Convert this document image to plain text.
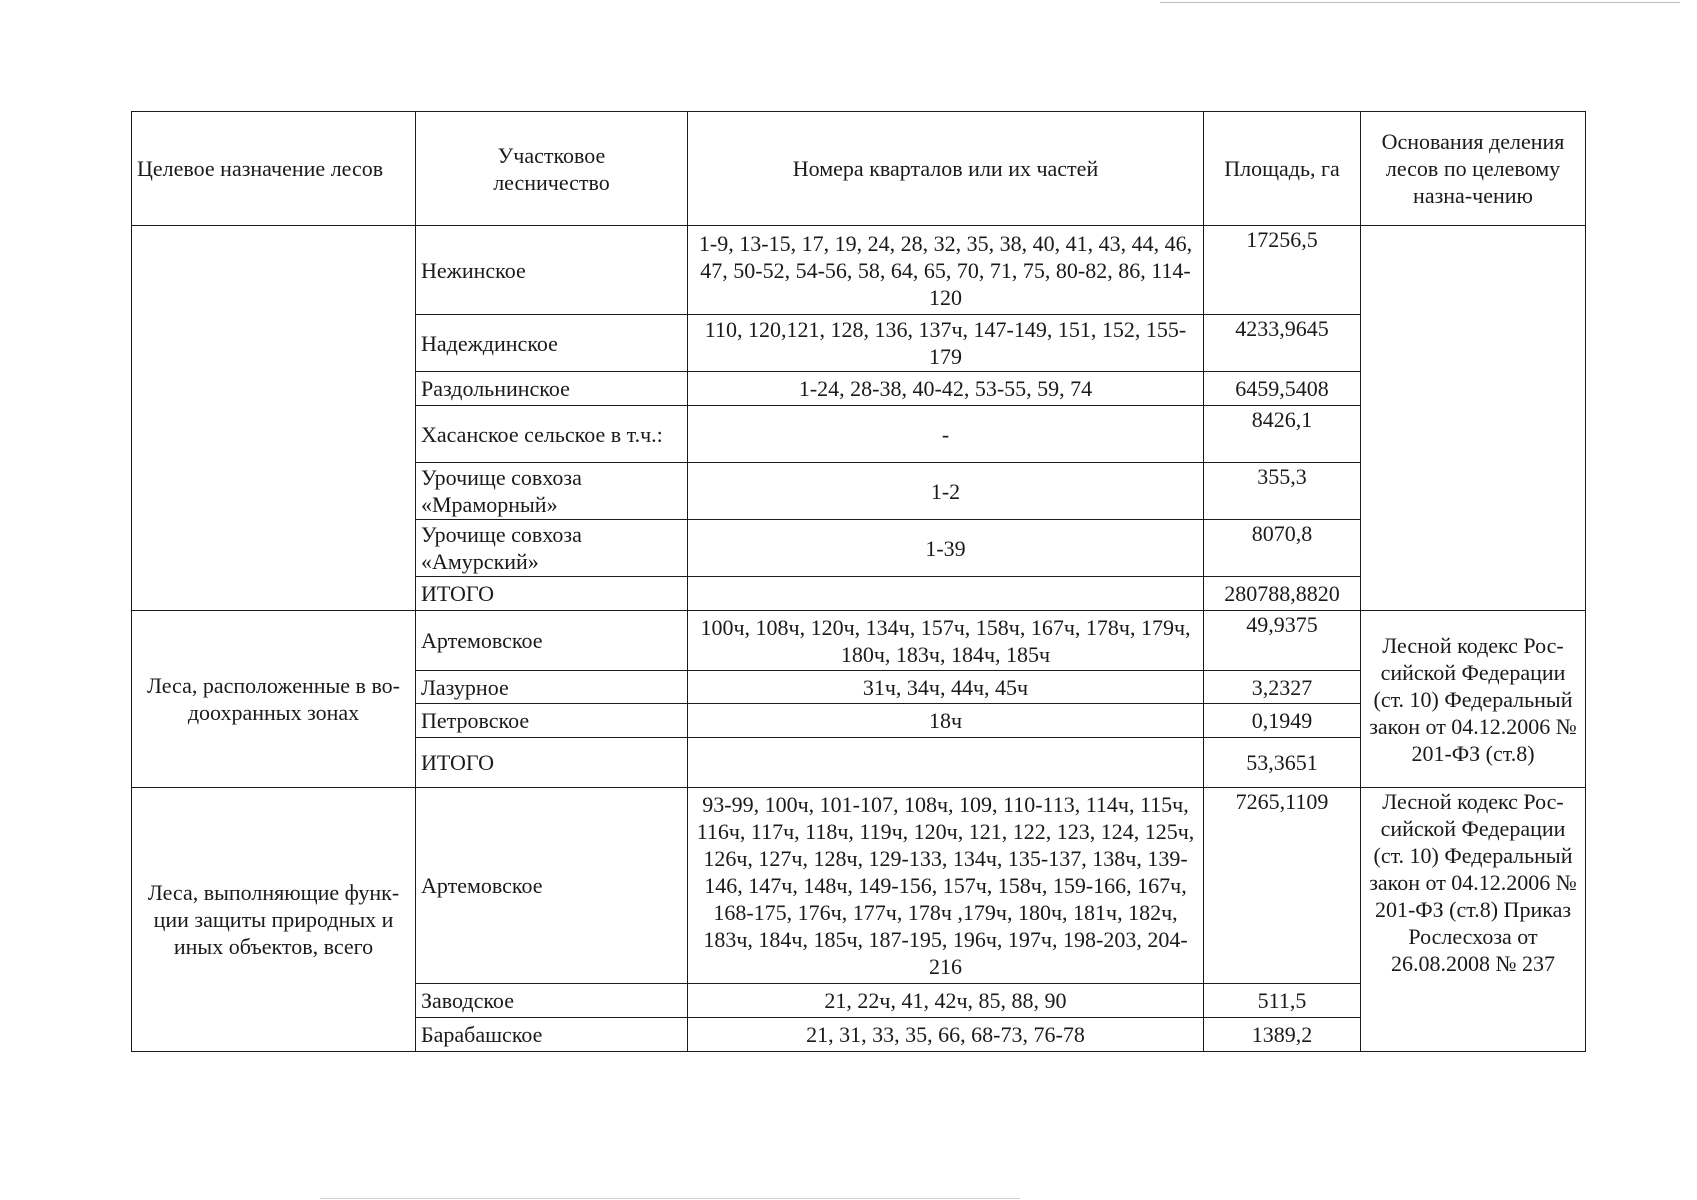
Целевое назначение лесов	Участковое лесничество	Номера кварталов или их частей	Площадь, га	Основания деления лесов по целевому назна-чению
	Нежинское	1-9, 13-15, 17, 19, 24, 28, 32, 35, 38, 40, 41, 43, 44, 46, 47, 50-52, 54-56, 58, 64, 65, 70, 71, 75, 80-82, 86, 114-120	17256,5	
	Надеждинское	110, 120,121, 128, 136, 137ч, 147-149, 151, 152, 155-179	4233,9645	
	Раздольнинское	1-24, 28-38, 40-42, 53-55, 59, 74	6459,5408	
	Хасанское сельское в т.ч.:	-	8426,1	
	Урочище совхоза «Мраморный»	1-2	355,3	
	Урочище совхоза «Амурский»	1-39	8070,8	
	ИТОГО		280788,8820	
Леса, расположенные в во-доохранных зонах	Артемовское	100ч, 108ч, 120ч, 134ч, 157ч, 158ч, 167ч, 178ч, 179ч, 180ч, 183ч, 184ч, 185ч	49,9375	Лесной кодекс Рос-сийской Федерации (ст. 10) Федеральный закон от 04.12.2006 № 201-ФЗ (ст.8)
	Лазурное	31ч, 34ч, 44ч, 45ч	3,2327	
	Петровское	18ч	0,1949	
	ИТОГО		53,3651	
Леса, выполняющие функ-ции защиты природных и иных объектов, всего	Артемовское	93-99, 100ч, 101-107, 108ч, 109, 110-113, 114ч, 115ч, 116ч, 117ч, 118ч, 119ч, 120ч, 121, 122, 123, 124, 125ч, 126ч, 127ч, 128ч, 129-133, 134ч, 135-137, 138ч, 139-146, 147ч, 148ч, 149-156, 157ч, 158ч, 159-166, 167ч, 168-175, 176ч, 177ч, 178ч ,179ч, 180ч, 181ч, 182ч, 183ч, 184ч, 185ч, 187-195, 196ч, 197ч, 198-203, 204-216	7265,1109	Лесной кодекс Рос-сийской Федерации (ст. 10) Федеральный закон от 04.12.2006 № 201-ФЗ (ст.8) Приказ Рослесхоза от 26.08.2008 № 237
	Заводское	21, 22ч, 41, 42ч, 85, 88, 90	511,5	
	Барабашское	21, 31, 33, 35, 66, 68-73, 76-78	1389,2	
